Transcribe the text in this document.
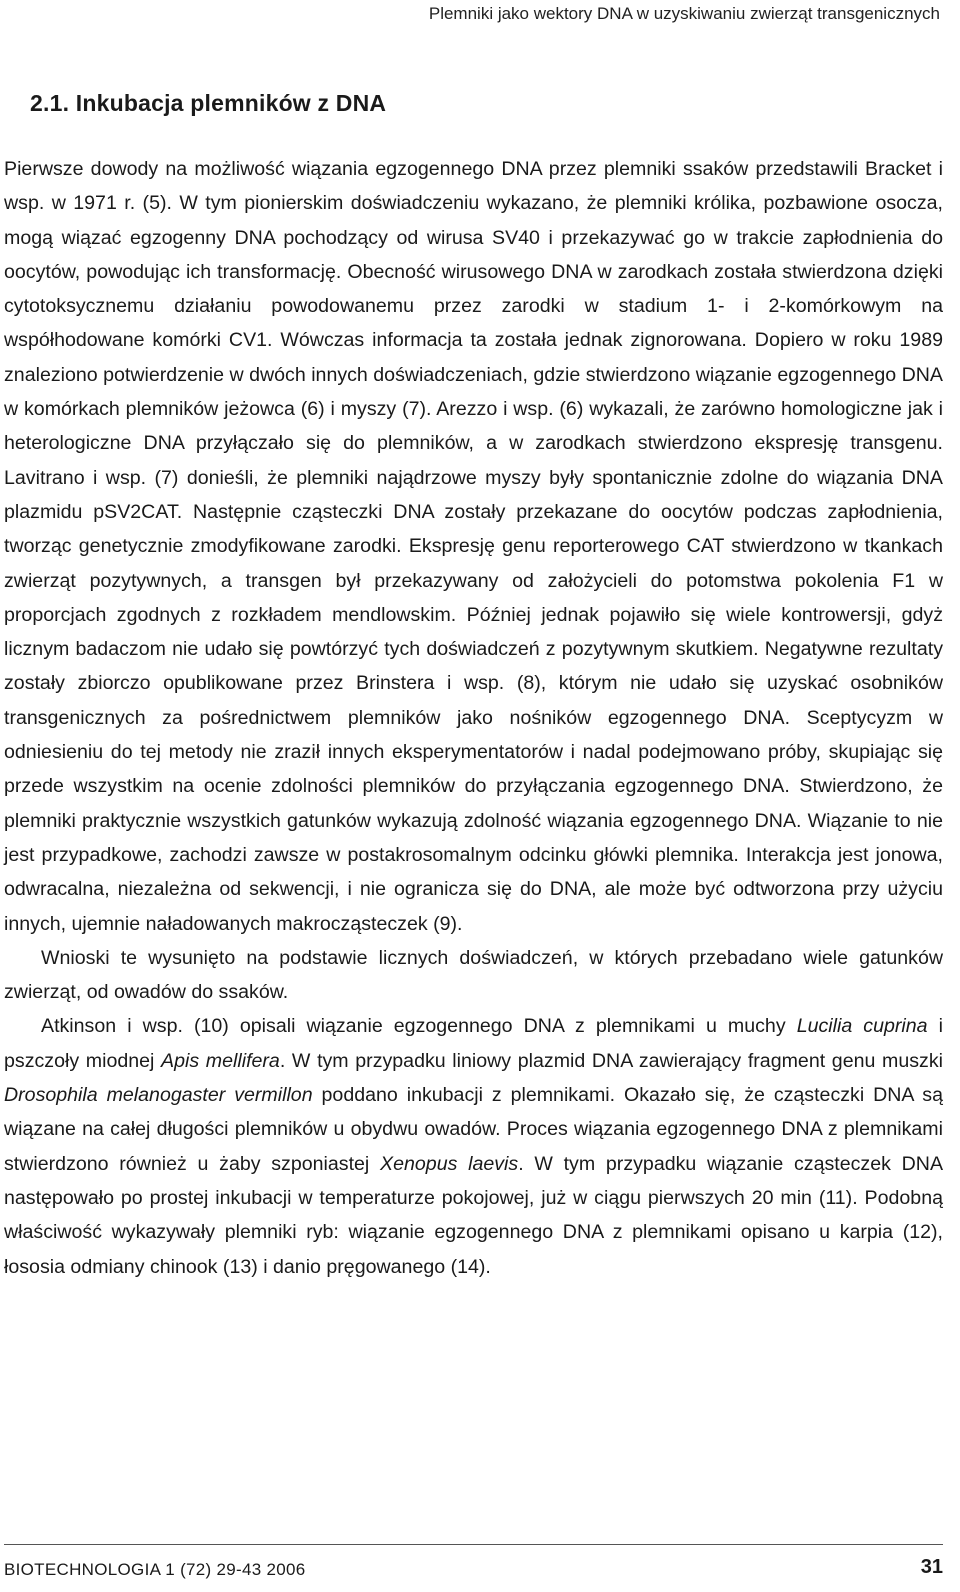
Plemniki jako wektory DNA w uzyskiwaniu zwierząt transgenicznych
2.1. Inkubacja plemników z DNA

Pierwsze dowody na możliwość wiązania egzogennego DNA przez plemniki ssaków przedstawili Bracket i wsp. w 1971 r. (5). W tym pionierskim doświadczeniu wykazano, że plemniki królika, pozbawione osocza, mogą wiązać egzogenny DNA pochodzący od wirusa SV40 i przekazywać go w trakcie zapłodnienia do oocytów, powodując ich transformację. Obecność wirusowego DNA w zarodkach została stwierdzona dzięki cytotoksycznemu działaniu powodowanemu przez zarodki w stadium 1- i 2-komórkowym na współhodowane komórki CV1. Wówczas informacja ta została jednak zignorowana. Dopiero w roku 1989 znaleziono potwierdzenie w dwóch innych doświadczeniach, gdzie stwierdzono wiązanie egzogennego DNA w komórkach plemników jeżowca (6) i myszy (7). Arezzo i wsp. (6) wykazali, że zarówno homologiczne jak i heterologiczne DNA przyłączało się do plemników, a w zarodkach stwierdzono ekspresję transgenu. Lavitrano i wsp. (7) donieśli, że plemniki najądrzowe myszy były spontanicznie zdolne do wiązania DNA plazmidu pSV2CAT. Następnie cząsteczki DNA zostały przekazane do oocytów podczas zapłodnienia, tworząc genetycznie zmodyfikowane zarodki. Ekspresję genu reporterowego CAT stwierdzono w tkankach zwierząt pozytywnych, a transgen był przekazywany od założycieli do potomstwa pokolenia F1 w proporcjach zgodnych z rozkładem mendlowskim. Później jednak pojawiło się wiele kontrowersji, gdyż licznym badaczom nie udało się powtórzyć tych doświadczeń z pozytywnym skutkiem. Negatywne rezultaty zostały zbiorczo opublikowane przez Brinstera i wsp. (8), którym nie udało się uzyskać osobników transgenicznych za pośrednictwem plemników jako nośników egzogennego DNA. Sceptycyzm w odniesieniu do tej metody nie zraził innych eksperymentatorów i nadal podejmowano próby, skupiając się przede wszystkim na ocenie zdolności plemników do przyłączania egzogennego DNA. Stwierdzono, że plemniki praktycznie wszystkich gatunków wykazują zdolność wiązania egzogennego DNA. Wiązanie to nie jest przypadkowe, zachodzi zawsze w postakrosomalnym odcinku główki plemnika. Interakcja jest jonowa, odwracalna, niezależna od sekwencji, i nie ogranicza się do DNA, ale może być odtworzona przy użyciu innych, ujemnie naładowanych makrocząsteczek (9).

Wnioski te wysunięto na podstawie licznych doświadczeń, w których przebadano wiele gatunków zwierząt, od owadów do ssaków.

Atkinson i wsp. (10) opisali wiązanie egzogennego DNA z plemnikami u muchy Lucilia cuprina i pszczoły miodnej Apis mellifera. W tym przypadku liniowy plazmid DNA zawierający fragment genu muszki Drosophila melanogaster vermillon poddano inkubacji z plemnikami. Okazało się, że cząsteczki DNA są wiązane na całej długości plemników u obydwu owadów. Proces wiązania egzogennego DNA z plemnikami stwierdzono również u żaby szponiastej Xenopus laevis. W tym przypadku wiązanie cząsteczek DNA następowało po prostej inkubacji w temperaturze pokojowej, już w ciągu pierwszych 20 min (11). Podobną właściwość wykazywały plemniki ryb: wiązanie egzogennego DNA z plemnikami opisano u karpia (12), łososia odmiany chinook (13) i danio pręgowanego (14).

BIOTECHNOLOGIA 1 (72) 29-43 2006	31
